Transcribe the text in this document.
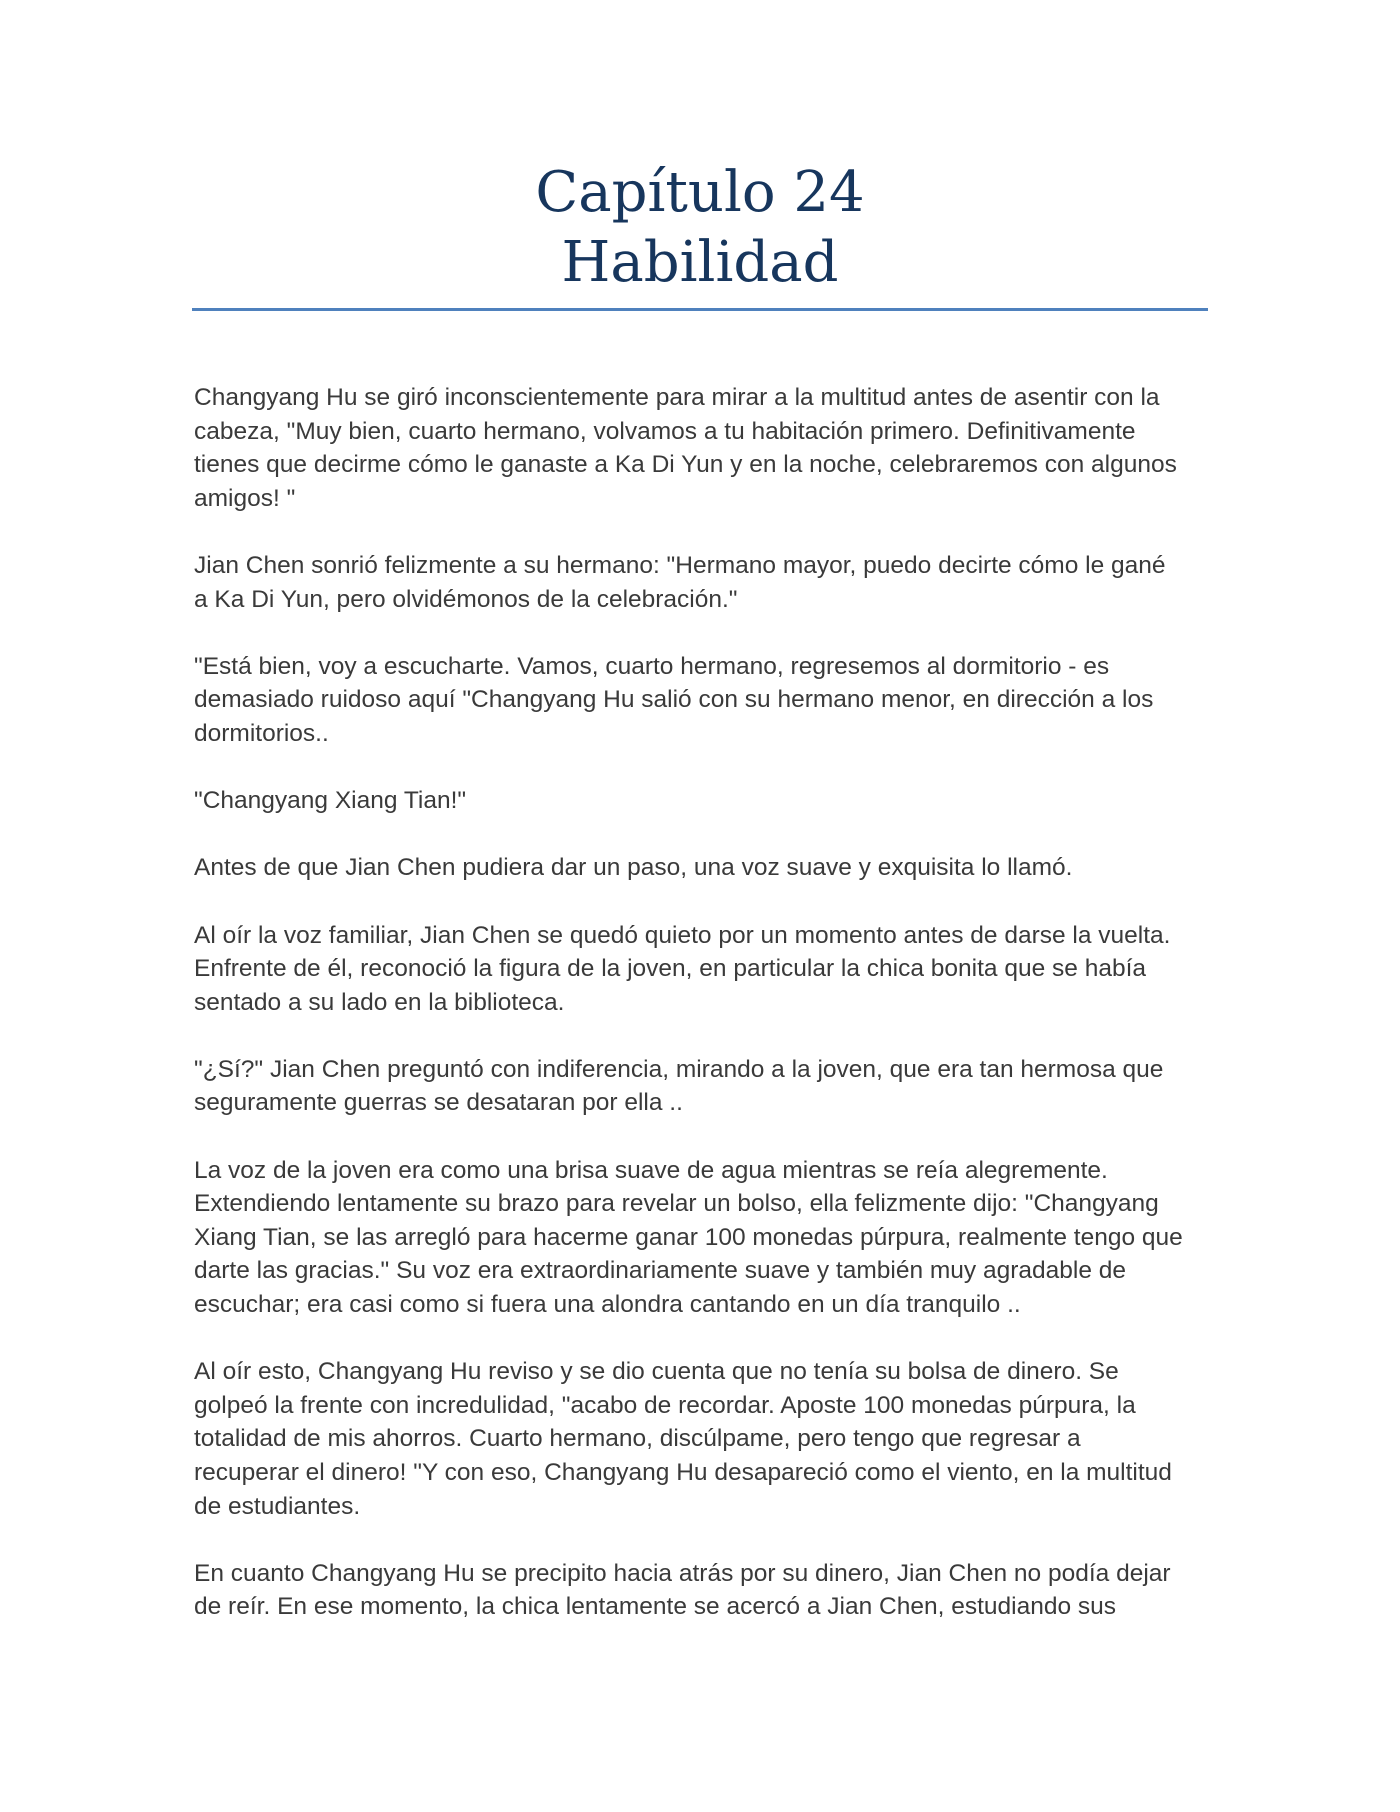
Capítulo 24
Habilidad

Changyang Hu se giró inconscientemente para mirar a la multitud antes de asentir con la
cabeza, "Muy bien, cuarto hermano, volvamos a tu habitación primero. Definitivamente
tienes que decirme cómo le ganaste a Ka Di Yun y en la noche, celebraremos con algunos
amigos! "

Jian Chen sonrió felizmente a su hermano: "Hermano mayor, puedo decirte cómo le gané
a Ka Di Yun, pero olvidémonos de la celebración."

"Está bien, voy a escucharte. Vamos, cuarto hermano, regresemos al dormitorio - es
demasiado ruidoso aquí "Changyang Hu salió con su hermano menor, en dirección a los
dormitorios..

"Changyang Xiang Tian!"

Antes de que Jian Chen pudiera dar un paso, una voz suave y exquisita lo llamó.

Al oír la voz familiar, Jian Chen se quedó quieto por un momento antes de darse la vuelta.
Enfrente de él, reconoció la figura de la joven, en particular la chica bonita que se había
sentado a su lado en la biblioteca.

"¿Sí?" Jian Chen preguntó con indiferencia, mirando a la joven, que era tan hermosa que
seguramente guerras se desataran por ella ..

La voz de la joven era como una brisa suave de agua mientras se reía alegremente.
Extendiendo lentamente su brazo para revelar un bolso, ella felizmente dijo: "Changyang
Xiang Tian, se las arregló para hacerme ganar 100 monedas púrpura, realmente tengo que
darte las gracias." Su voz era extraordinariamente suave y también muy agradable de
escuchar; era casi como si fuera una alondra cantando en un día tranquilo ..

Al oír esto, Changyang Hu reviso y se dio cuenta que no tenía su bolsa de dinero. Se
golpeó la frente con incredulidad, "acabo de recordar. Aposte 100 monedas púrpura, la
totalidad de mis ahorros. Cuarto hermano, discúlpame, pero tengo que regresar a
recuperar el dinero! "Y con eso, Changyang Hu desapareció como el viento, en la multitud
de estudiantes.

En cuanto Changyang Hu se precipito hacia atrás por su dinero, Jian Chen no podía dejar
de reír. En ese momento, la chica lentamente se acercó a Jian Chen, estudiando sus
